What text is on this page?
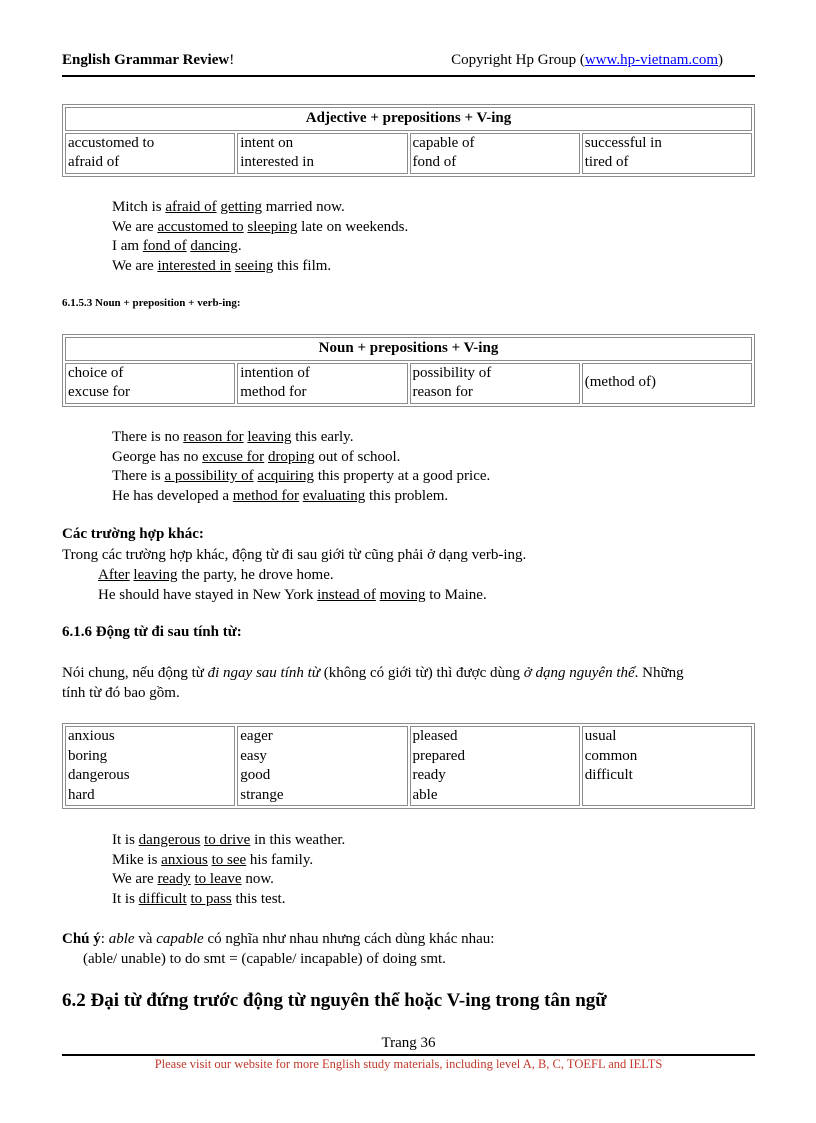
English Grammar Review!	Copyright Hp Group (www.hp-vietnam.com)
Adjective + prepositions + V-ing

accustomed to
afraid of

intent on
interested in

capable of
fond of

successful in
tired of
Mitch is afraid of getting married now.
We are accustomed to sleeping late on weekends.
I am fond of dancing.
We are interested in seeing this film.
6.1.5.3 Noun + preposition + verb-ing:
Noun + prepositions + V-ing

choice of
excuse for

intention of
method for

possibility of
reason for

(method of)
There is no reason for leaving this early.
George has no excuse for droping out of school.
There is a possibility of acquiring this property at a good price.
He has developed a method for evaluating this problem.
Các trường hợp khác:
Trong các trường hợp khác, động từ đi sau giới từ cũng phải ở dạng verb-ing.
After leaving the party, he drove home.
He should have stayed in New York instead of moving to Maine.
6.1.6 Động từ đi sau tính từ:
Nói chung, nếu động từ đi ngay sau tính từ (không có giới từ) thì được dùng ở dạng nguyên thể. Những
tính từ đó bao gồm.
anxious
boring
dangerous
hard

eager
easy
good
strange

pleased
prepared
ready
able

usual
common
difficult
It is dangerous to drive in this weather.
Mike is anxious to see his family.
We are ready to leave now.
It is difficult to pass this test.
Chú ý: able và capable có nghĩa như nhau nhưng cách dùng khác nhau:
(able/ unable) to do smt = (capable/ incapable) of doing smt.
6.2 Đại từ đứng trước động từ nguyên thể hoặc V-ing trong tân ngữ
Trang 36
Please visit our website for more English study materials, including level A, B, C, TOEFL and IELTS
